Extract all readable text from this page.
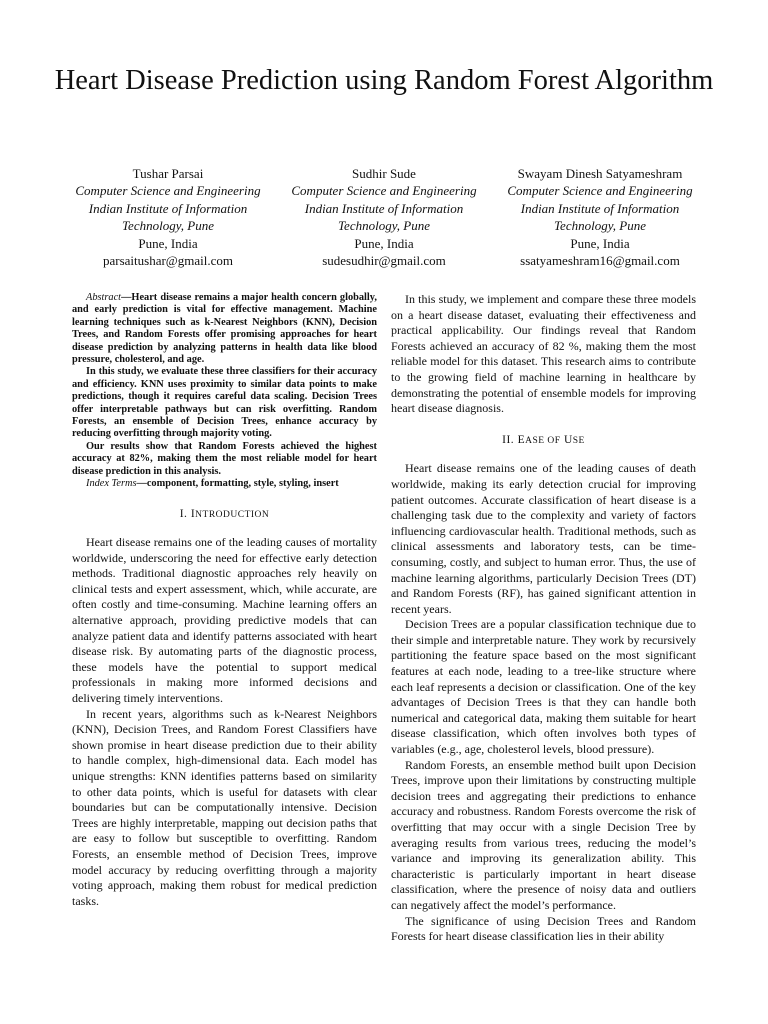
Heart Disease Prediction using Random Forest Algorithm
Tushar Parsai
Computer Science and Engineering
Indian Institute of Information Technology, Pune
Pune, India
parsaitushar@gmail.com
Sudhir Sude
Computer Science and Engineering
Indian Institute of Information Technology, Pune
Pune, India
sudesudhir@gmail.com
Swayam Dinesh Satyameshram
Computer Science and Engineering
Indian Institute of Information Technology, Pune
Pune, India
ssatyameshram16@gmail.com

Abstract—Heart disease remains a major health concern globally, and early prediction is vital for effective management. Machine learning techniques such as k-Nearest Neighbors (KNN), Decision Trees, and Random Forests offer promising approaches for heart disease prediction by analyzing patterns in health data like blood pressure, cholesterol, and age.

In this study, we evaluate these three classifiers for their accuracy and efficiency. KNN uses proximity to similar data points to make predictions, though it requires careful data scaling. Decision Trees offer interpretable pathways but can risk overfitting. Random Forests, an ensemble of Decision Trees, enhance accuracy by reducing overfitting through majority voting.

Our results show that Random Forests achieved the highest accuracy at 82%, making them the most reliable model for heart disease prediction in this analysis.

Index Terms—component, formatting, style, styling, insert

I. INTRODUCTION

Heart disease remains one of the leading causes of mortality worldwide, underscoring the need for effective early detection methods. Traditional diagnostic approaches rely heavily on clinical tests and expert assessment, which, while accurate, are often costly and time-consuming. Machine learning offers an alternative approach, providing predictive models that can analyze patient data and identify patterns associated with heart disease risk. By automating parts of the diagnostic process, these models have the potential to support medical professionals in making more informed decisions and delivering timely interventions.

In recent years, algorithms such as k-Nearest Neighbors (KNN), Decision Trees, and Random Forest Classifiers have shown promise in heart disease prediction due to their ability to handle complex, high-dimensional data. Each model has unique strengths: KNN identifies patterns based on similarity to other data points, which is useful for datasets with clear boundaries but can be computationally intensive. Decision Trees are highly interpretable, mapping out decision paths that are easy to follow but susceptible to overfitting. Random Forests, an ensemble method of Decision Trees, improve model accuracy by reducing overfitting through a majority voting approach, making them robust for medical prediction tasks.

In this study, we implement and compare these three models on a heart disease dataset, evaluating their effectiveness and practical applicability. Our findings reveal that Random Forests achieved an accuracy of 82 %, making them the most reliable model for this dataset. This research aims to contribute to the growing field of machine learning in healthcare by demonstrating the potential of ensemble models for improving heart disease diagnosis.

II. EASE OF USE

Heart disease remains one of the leading causes of death worldwide, making its early detection crucial for improving patient outcomes. Accurate classification of heart disease is a challenging task due to the complexity and variety of factors influencing cardiovascular health. Traditional methods, such as clinical assessments and laboratory tests, can be time-consuming, costly, and subject to human error. Thus, the use of machine learning algorithms, particularly Decision Trees (DT) and Random Forests (RF), has gained significant attention in recent years.

Decision Trees are a popular classification technique due to their simple and interpretable nature. They work by recursively partitioning the feature space based on the most significant features at each node, leading to a tree-like structure where each leaf represents a decision or classification. One of the key advantages of Decision Trees is that they can handle both numerical and categorical data, making them suitable for heart disease classification, which often involves both types of variables (e.g., age, cholesterol levels, blood pressure).

Random Forests, an ensemble method built upon Decision Trees, improve upon their limitations by constructing multiple decision trees and aggregating their predictions to enhance accuracy and robustness. Random Forests overcome the risk of overfitting that may occur with a single Decision Tree by averaging results from various trees, reducing the model’s variance and improving its generalization ability. This characteristic is particularly important in heart disease classification, where the presence of noisy data and outliers can negatively affect the model’s performance.

The significance of using Decision Trees and Random Forests for heart disease classification lies in their ability
